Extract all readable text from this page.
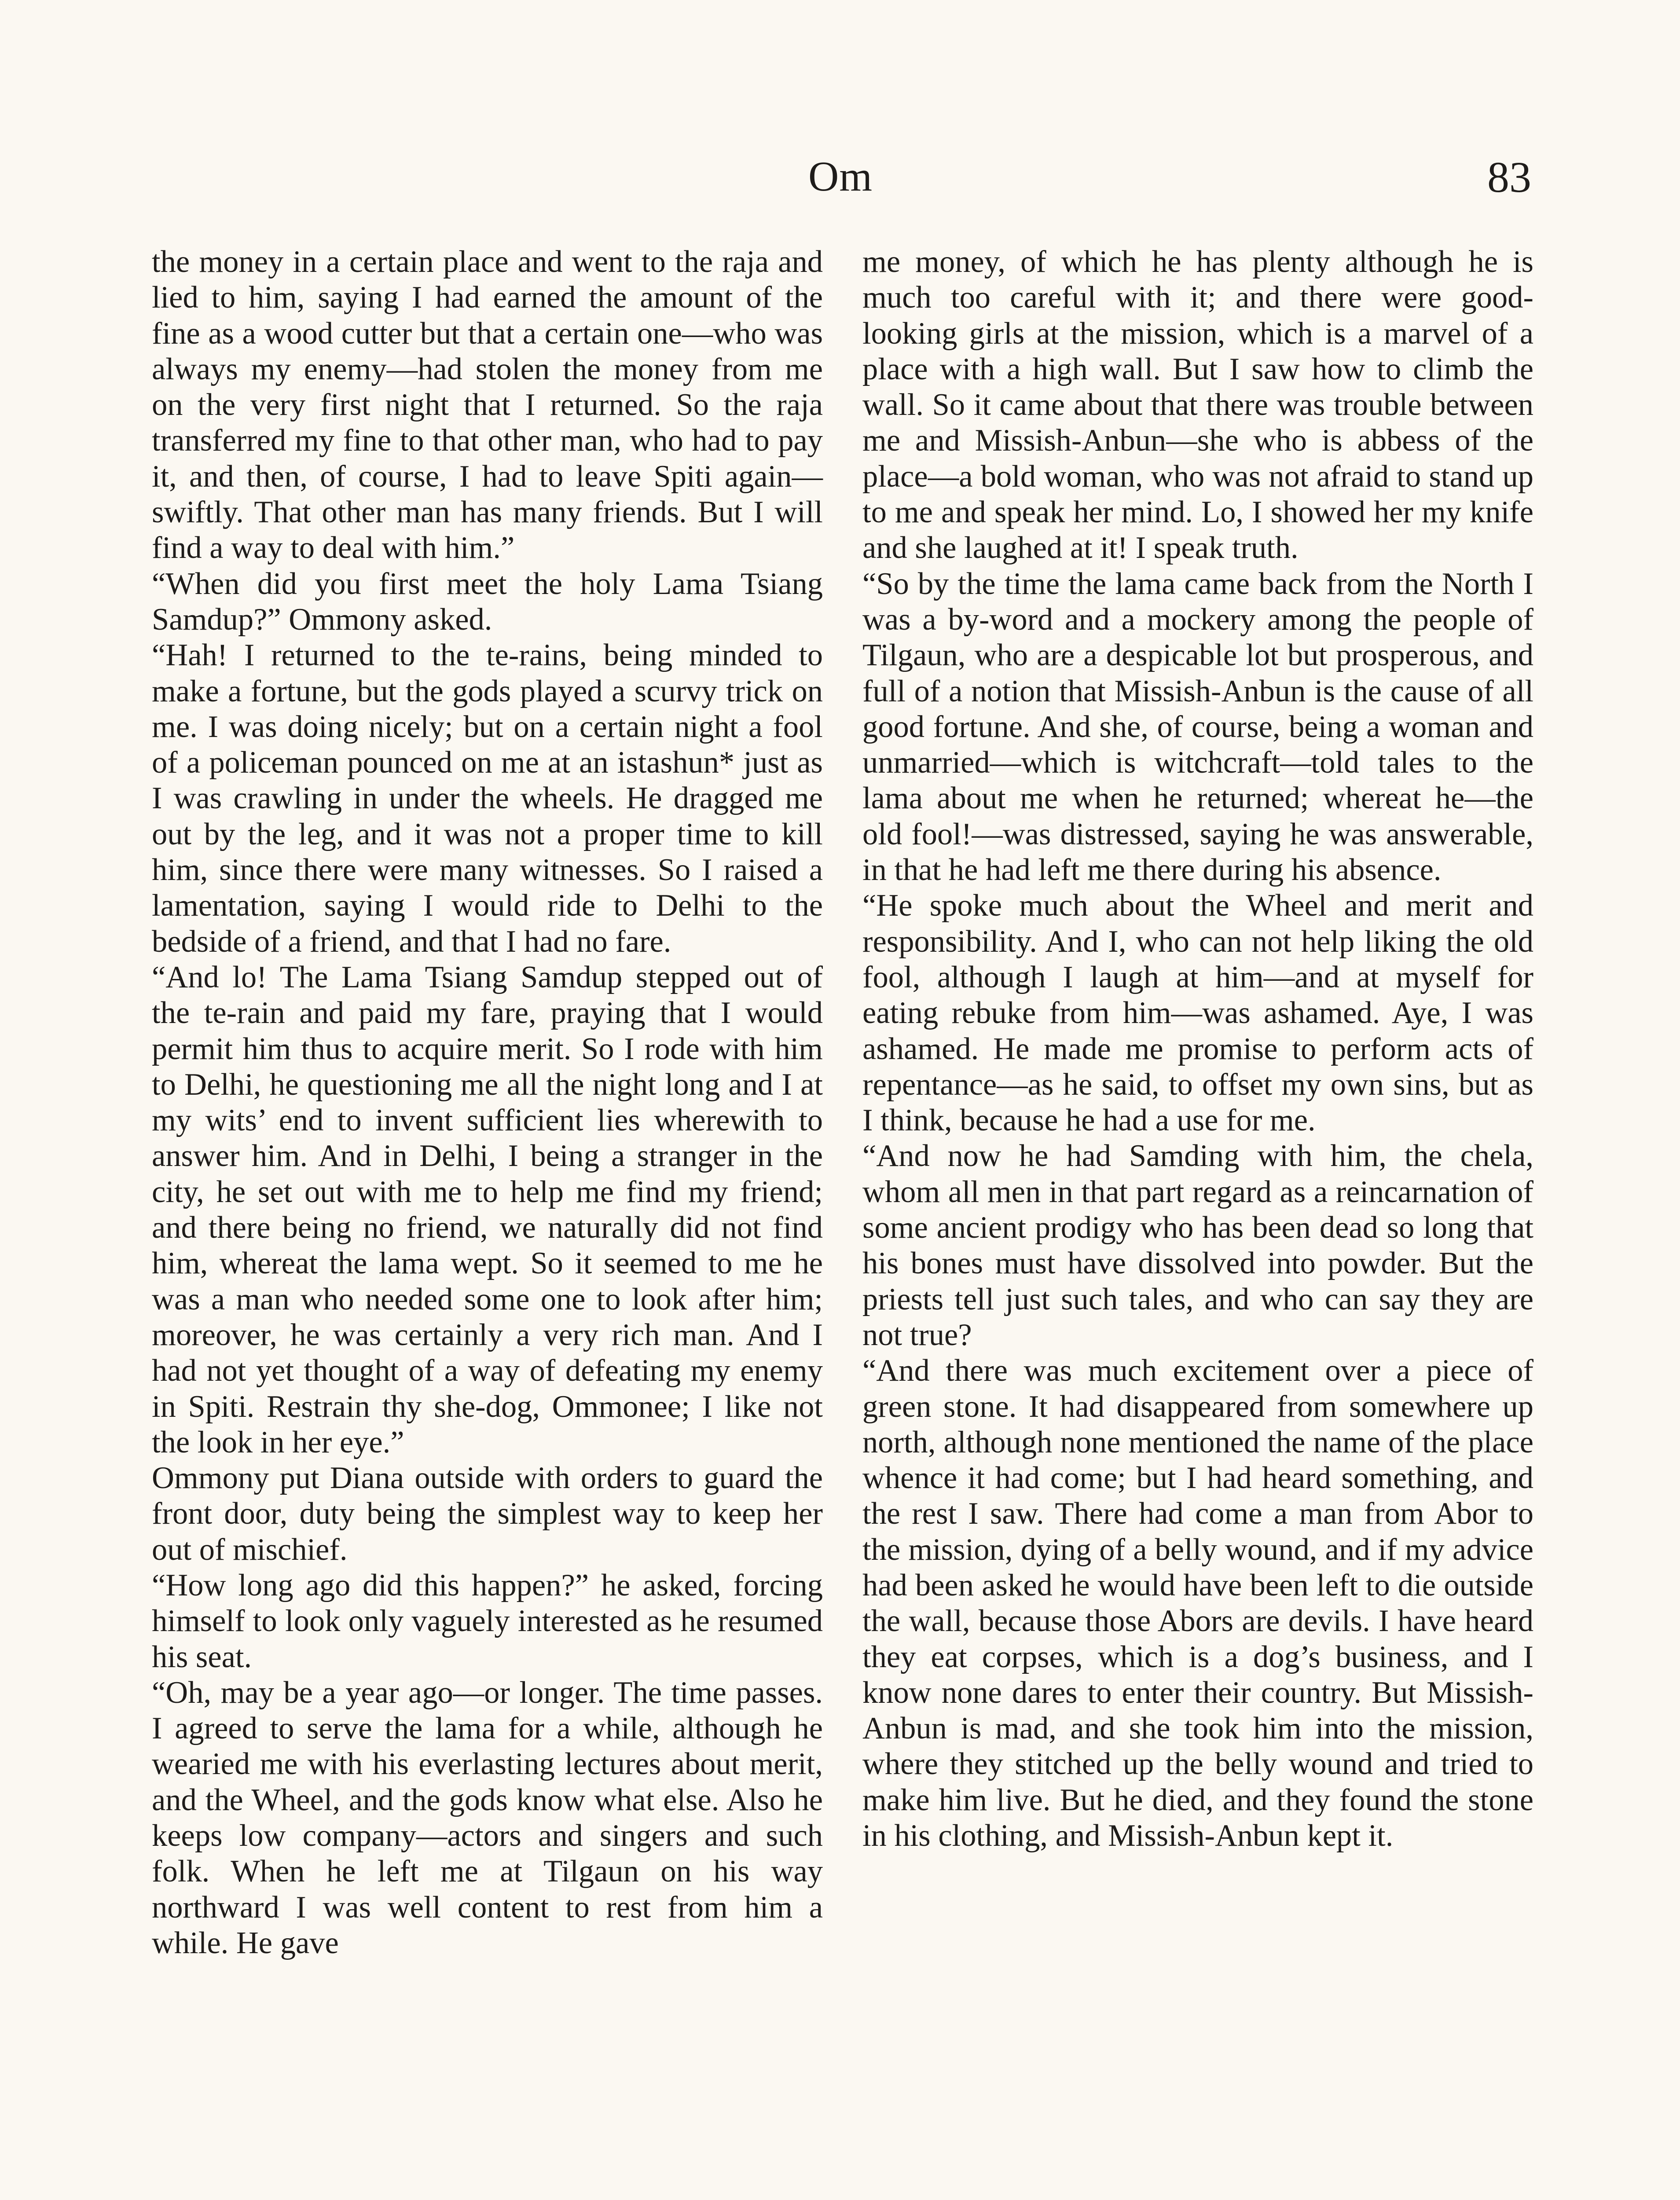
Om	83

the money in a certain place and went to the raja and lied to him, saying I had earned the amount of the fine as a wood cutter but that a certain one—who was always my enemy—had stolen the money from me on the very first night that I returned. So the raja transferred my fine to that other man, who had to pay it, and then, of course, I had to leave Spiti again—swiftly. That other man has many friends. But I will find a way to deal with him.”

“When did you first meet the holy Lama Tsiang Samdup?” Ommony asked.

“Hah! I returned to the te-rains, being minded to make a fortune, but the gods played a scurvy trick on me. I was doing nicely; but on a certain night a fool of a policeman pounced on me at an istashun* just as I was crawling in under the wheels. He dragged me out by the leg, and it was not a proper time to kill him, since there were many witnesses. So I raised a lamentation, saying I would ride to Delhi to the bedside of a friend, and that I had no fare.

“And lo! The Lama Tsiang Samdup stepped out of the te-rain and paid my fare, praying that I would permit him thus to acquire merit. So I rode with him to Delhi, he questioning me all the night long and I at my wits’ end to invent sufficient lies wherewith to answer him. And in Delhi, I being a stranger in the city, he set out with me to help me find my friend; and there being no friend, we naturally did not find him, whereat the lama wept. So it seemed to me he was a man who needed some one to look after him; moreover, he was certainly a very rich man. And I had not yet thought of a way of defeating my enemy in Spiti. Restrain thy she-dog, Ommonee; I like not the look in her eye.”

Ommony put Diana outside with orders to guard the front door, duty being the simplest way to keep her out of mischief.

“How long ago did this happen?” he asked, forcing himself to look only vaguely interested as he resumed his seat.

“Oh, may be a year ago—or longer. The time passes. I agreed to serve the lama for a while, although he wearied me with his everlasting lectures about merit, and the Wheel, and the gods know what else. Also he keeps low company—actors and singers and such folk. When he left me at Tilgaun on his way northward I was well content to rest from him a while. He gave

me money, of which he has plenty although he is much too careful with it; and there were good-looking girls at the mission, which is a marvel of a place with a high wall. But I saw how to climb the wall. So it came about that there was trouble between me and Missish-Anbun—she who is abbess of the place—a bold woman, who was not afraid to stand up to me and speak her mind. Lo, I showed her my knife and she laughed at it! I speak truth.

“So by the time the lama came back from the North I was a by-word and a mockery among the people of Tilgaun, who are a despicable lot but prosperous, and full of a notion that Missish-Anbun is the cause of all good fortune. And she, of course, being a woman and unmarried—which is witchcraft—told tales to the lama about me when he returned; whereat he—the old fool!—was distressed, saying he was answerable, in that he had left me there during his absence.

“He spoke much about the Wheel and merit and responsibility. And I, who can not help liking the old fool, although I laugh at him—and at myself for eating rebuke from him—was ashamed. Aye, I was ashamed. He made me promise to perform acts of repentance—as he said, to offset my own sins, but as I think, because he had a use for me.

“And now he had Samding with him, the chela, whom all men in that part regard as a reincarnation of some ancient prodigy who has been dead so long that his bones must have dissolved into powder. But the priests tell just such tales, and who can say they are not true?

“And there was much excitement over a piece of green stone. It had disappeared from somewhere up north, although none mentioned the name of the place whence it had come; but I had heard something, and the rest I saw. There had come a man from Abor to the mission, dying of a belly wound, and if my advice had been asked he would have been left to die outside the wall, because those Abors are devils. I have heard they eat corpses, which is a dog’s business, and I know none dares to enter their country. But Missish-Anbun is mad, and she took him into the mission, where they stitched up the belly wound and tried to make him live. But he died, and they found the stone in his clothing, and Missish-Anbun kept it.
